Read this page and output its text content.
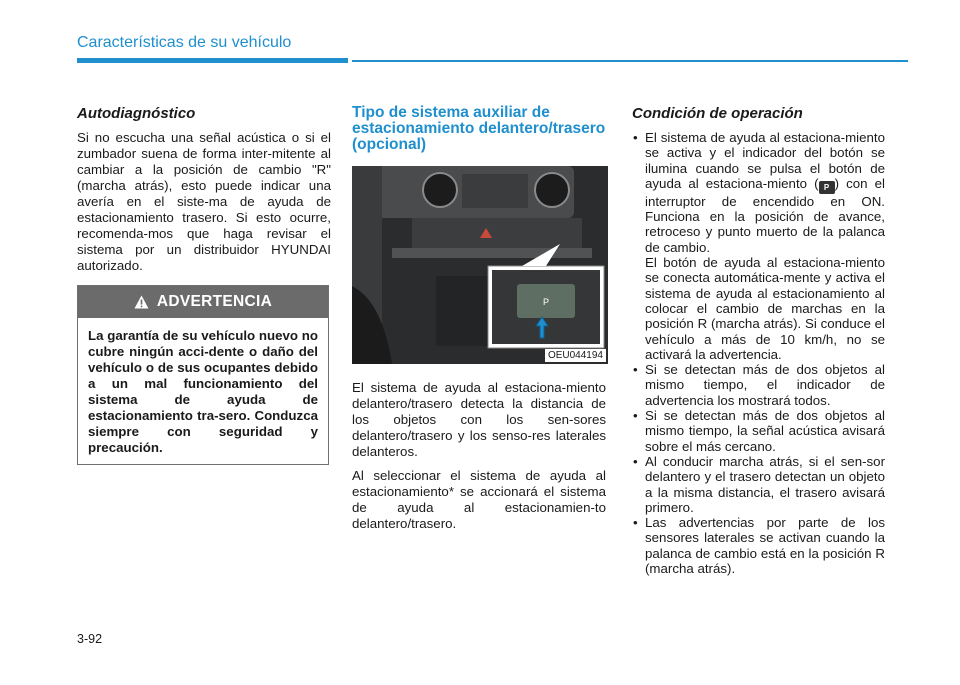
Características de su vehículo
Autodiagnóstico

Si no escucha una señal acústica o si el zumbador suena de forma inter-mitente al cambiar a la posición de cambio "R" (marcha atrás), esto puede indicar una avería en el siste-ma de ayuda de estacionamiento trasero. Si esto ocurre, recomenda-mos que haga revisar el sistema por un distribuidor HYUNDAI autorizado.

ADVERTENCIA
La garantía de su vehículo nuevo no cubre ningún acci-dente o daño del vehículo o de sus ocupantes debido a un mal funcionamiento del sistema de ayuda de estacionamiento tra-sero. Conduzca siempre con seguridad y precaución.
Tipo de sistema auxiliar de estacionamiento delantero/trasero (opcional)
P
OEU044194

El sistema de ayuda al estaciona-miento delantero/trasero detecta la distancia de los objetos con los sen-sores delantero/trasero y los senso-res laterales delanteros.

Al seleccionar el sistema de ayuda al estacionamiento* se accionará el sistema de ayuda al estacionamien-to delantero/trasero.

Condición de operación
• El sistema de ayuda al estaciona-miento se activa y el indicador del botón se ilumina cuando se pulsa el botón de ayuda al estaciona-miento ( P ) con el interruptor de encendido en ON. Funciona en la posición de avance, retroceso y punto muerto de la palanca de cambio.
El botón de ayuda al estaciona-miento se conecta automática-mente y activa el sistema de ayuda al estacionamiento al colocar el cambio de marchas en la posición R (marcha atrás). Si conduce el vehículo a más de 10 km/h, no se activará la advertencia.
• Si se detectan más de dos objetos al mismo tiempo, el indicador de advertencia los mostrará todos.
• Si se detectan más de dos objetos al mismo tiempo, la señal acústica avisará sobre el más cercano.
• Al conducir marcha atrás, si el sen-sor delantero y el trasero detectan un objeto a la misma distancia, el trasero avisará primero.
• Las advertencias por parte de los sensores laterales se activan cuando la palanca de cambio está en la posición R (marcha atrás).
3-92
